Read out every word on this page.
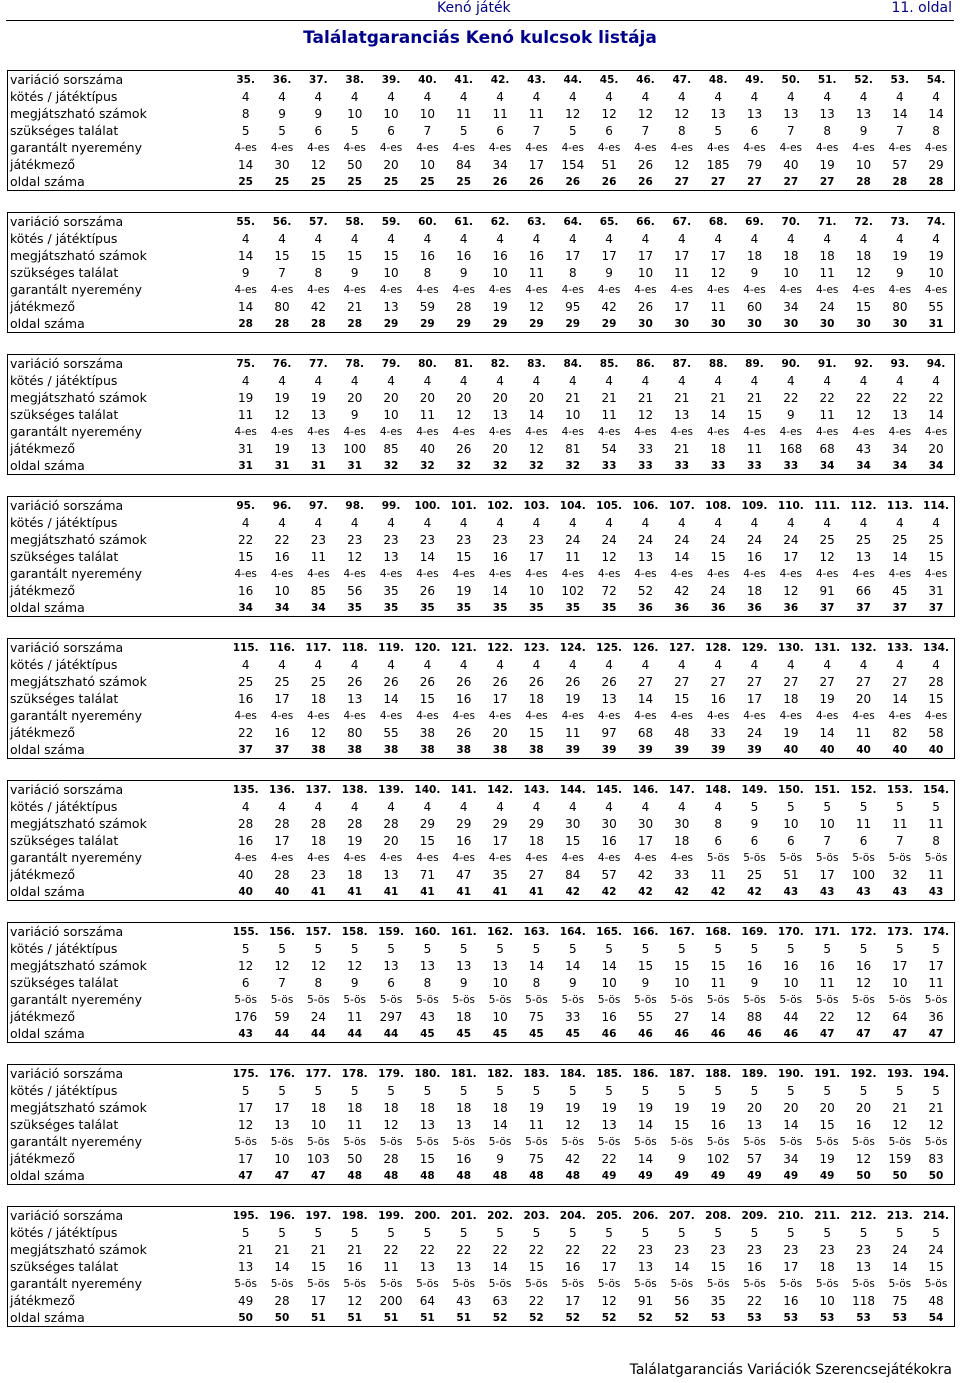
Kenó játék	11. oldal
Találatgaranciás Kenó kulcsok listája
variáció sorszáma	35.	36.	37.	38.	39.	40.	41.	42.	43.	44.	45.	46.	47.	48.	49.	50.	51.	52.	53.	54.
kötés / játéktípus	4	4	4	4	4	4	4	4	4	4	4	4	4	4	4	4	4	4	4	4
megjátszható számok	8	9	9	10	10	10	11	11	11	12	12	12	12	13	13	13	13	13	14	14
szükséges találat	5	5	6	5	6	7	5	6	7	5	6	7	8	5	6	7	8	9	7	8
garantált nyeremény	4-es	4-es	4-es	4-es	4-es	4-es	4-es	4-es	4-es	4-es	4-es	4-es	4-es	4-es	4-es	4-es	4-es	4-es	4-es	4-es
játékmező	14	30	12	50	20	10	84	34	17	154	51	26	12	185	79	40	19	10	57	29
oldal száma	25	25	25	25	25	25	25	26	26	26	26	26	27	27	27	27	27	28	28	28
variáció sorszáma	55.	56.	57.	58.	59.	60.	61.	62.	63.	64.	65.	66.	67.	68.	69.	70.	71.	72.	73.	74.
kötés / játéktípus	4	4	4	4	4	4	4	4	4	4	4	4	4	4	4	4	4	4	4	4
megjátszható számok	14	15	15	15	15	16	16	16	16	17	17	17	17	17	18	18	18	18	19	19
szükséges találat	9	7	8	9	10	8	9	10	11	8	9	10	11	12	9	10	11	12	9	10
garantált nyeremény	4-es	4-es	4-es	4-es	4-es	4-es	4-es	4-es	4-es	4-es	4-es	4-es	4-es	4-es	4-es	4-es	4-es	4-es	4-es	4-es
játékmező	14	80	42	21	13	59	28	19	12	95	42	26	17	11	60	34	24	15	80	55
oldal száma	28	28	28	28	29	29	29	29	29	29	29	30	30	30	30	30	30	30	30	31
variáció sorszáma	75.	76.	77.	78.	79.	80.	81.	82.	83.	84.	85.	86.	87.	88.	89.	90.	91.	92.	93.	94.
kötés / játéktípus	4	4	4	4	4	4	4	4	4	4	4	4	4	4	4	4	4	4	4	4
megjátszható számok	19	19	19	20	20	20	20	20	20	21	21	21	21	21	21	22	22	22	22	22
szükséges találat	11	12	13	9	10	11	12	13	14	10	11	12	13	14	15	9	11	12	13	14
garantált nyeremény	4-es	4-es	4-es	4-es	4-es	4-es	4-es	4-es	4-es	4-es	4-es	4-es	4-es	4-es	4-es	4-es	4-es	4-es	4-es	4-es
játékmező	31	19	13	100	85	40	26	20	12	81	54	33	21	18	11	168	68	43	34	20
oldal száma	31	31	31	31	32	32	32	32	32	32	33	33	33	33	33	33	34	34	34	34
variáció sorszáma	95.	96.	97.	98.	99.	100.	101.	102.	103.	104.	105.	106.	107.	108.	109.	110.	111.	112.	113.	114.
kötés / játéktípus	4	4	4	4	4	4	4	4	4	4	4	4	4	4	4	4	4	4	4	4
megjátszható számok	22	22	23	23	23	23	23	23	23	24	24	24	24	24	24	24	25	25	25	25
szükséges találat	15	16	11	12	13	14	15	16	17	11	12	13	14	15	16	17	12	13	14	15
garantált nyeremény	4-es	4-es	4-es	4-es	4-es	4-es	4-es	4-es	4-es	4-es	4-es	4-es	4-es	4-es	4-es	4-es	4-es	4-es	4-es	4-es
játékmező	16	10	85	56	35	26	19	14	10	102	72	52	42	24	18	12	91	66	45	31
oldal száma	34	34	34	35	35	35	35	35	35	35	35	36	36	36	36	36	37	37	37	37
variáció sorszáma	115.	116.	117.	118.	119.	120.	121.	122.	123.	124.	125.	126.	127.	128.	129.	130.	131.	132.	133.	134.
kötés / játéktípus	4	4	4	4	4	4	4	4	4	4	4	4	4	4	4	4	4	4	4	4
megjátszható számok	25	25	25	26	26	26	26	26	26	26	26	27	27	27	27	27	27	27	27	28
szükséges találat	16	17	18	13	14	15	16	17	18	19	13	14	15	16	17	18	19	20	14	15
garantált nyeremény	4-es	4-es	4-es	4-es	4-es	4-es	4-es	4-es	4-es	4-es	4-es	4-es	4-es	4-es	4-es	4-es	4-es	4-es	4-es	4-es
játékmező	22	16	12	80	55	38	26	20	15	11	97	68	48	33	24	19	14	11	82	58
oldal száma	37	37	38	38	38	38	38	38	38	39	39	39	39	39	39	40	40	40	40	40
variáció sorszáma	135.	136.	137.	138.	139.	140.	141.	142.	143.	144.	145.	146.	147.	148.	149.	150.	151.	152.	153.	154.
kötés / játéktípus	4	4	4	4	4	4	4	4	4	4	4	4	4	4	5	5	5	5	5	5
megjátszható számok	28	28	28	28	28	29	29	29	29	30	30	30	30	8	9	10	10	11	11	11
szükséges találat	16	17	18	19	20	15	16	17	18	15	16	17	18	6	6	6	7	6	7	8
garantált nyeremény	4-es	4-es	4-es	4-es	4-es	4-es	4-es	4-es	4-es	4-es	4-es	4-es	4-es	5-ös	5-ös	5-ös	5-ös	5-ös	5-ös	5-ös
játékmező	40	28	23	18	13	71	47	35	27	84	57	42	33	11	25	51	17	100	32	11
oldal száma	40	40	41	41	41	41	41	41	41	42	42	42	42	42	42	43	43	43	43	43
variáció sorszáma	155.	156.	157.	158.	159.	160.	161.	162.	163.	164.	165.	166.	167.	168.	169.	170.	171.	172.	173.	174.
kötés / játéktípus	5	5	5	5	5	5	5	5	5	5	5	5	5	5	5	5	5	5	5	5
megjátszható számok	12	12	12	12	13	13	13	13	14	14	14	15	15	15	16	16	16	16	17	17
szükséges találat	6	7	8	9	6	8	9	10	8	9	10	9	10	11	9	10	11	12	10	11
garantált nyeremény	5-ös	5-ös	5-ös	5-ös	5-ös	5-ös	5-ös	5-ös	5-ös	5-ös	5-ös	5-ös	5-ös	5-ös	5-ös	5-ös	5-ös	5-ös	5-ös	5-ös
játékmező	176	59	24	11	297	43	18	10	75	33	16	55	27	14	88	44	22	12	64	36
oldal száma	43	44	44	44	44	45	45	45	45	45	46	46	46	46	46	46	47	47	47	47
variáció sorszáma	175.	176.	177.	178.	179.	180.	181.	182.	183.	184.	185.	186.	187.	188.	189.	190.	191.	192.	193.	194.
kötés / játéktípus	5	5	5	5	5	5	5	5	5	5	5	5	5	5	5	5	5	5	5	5
megjátszható számok	17	17	18	18	18	18	18	18	19	19	19	19	19	19	20	20	20	20	21	21
szükséges találat	12	13	10	11	12	13	13	14	11	12	13	14	15	16	13	14	15	16	12	12
garantált nyeremény	5-ös	5-ös	5-ös	5-ös	5-ös	5-ös	5-ös	5-ös	5-ös	5-ös	5-ös	5-ös	5-ös	5-ös	5-ös	5-ös	5-ös	5-ös	5-ös	5-ös
játékmező	17	10	103	50	28	15	16	9	75	42	22	14	9	102	57	34	19	12	159	83
oldal száma	47	47	47	48	48	48	48	48	48	48	49	49	49	49	49	49	49	50	50	50
variáció sorszáma	195.	196.	197.	198.	199.	200.	201.	202.	203.	204.	205.	206.	207.	208.	209.	210.	211.	212.	213.	214.
kötés / játéktípus	5	5	5	5	5	5	5	5	5	5	5	5	5	5	5	5	5	5	5	5
megjátszható számok	21	21	21	21	22	22	22	22	22	22	22	23	23	23	23	23	23	23	24	24
szükséges találat	13	14	15	16	11	13	13	14	15	16	17	13	14	15	16	17	18	13	14	15
garantált nyeremény	5-ös	5-ös	5-ös	5-ös	5-ös	5-ös	5-ös	5-ös	5-ös	5-ös	5-ös	5-ös	5-ös	5-ös	5-ös	5-ös	5-ös	5-ös	5-ös	5-ös
játékmező	49	28	17	12	200	64	43	63	22	17	12	91	56	35	22	16	10	118	75	48
oldal száma	50	50	51	51	51	51	51	52	52	52	52	52	52	53	53	53	53	53	53	54
Találatgaranciás Variációk Szerencsejátékokra
